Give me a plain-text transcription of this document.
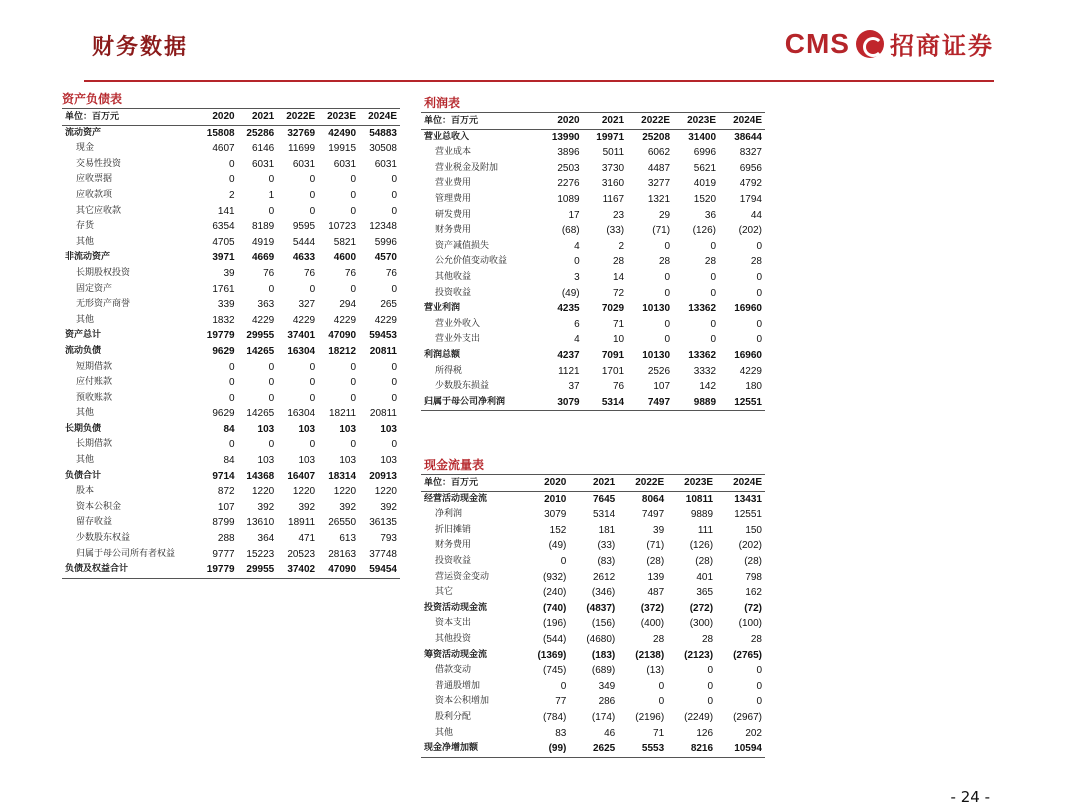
财务数据	CMS 招商证券
资产负债表
单位：百万元	2020	2021	2022E	2023E	2024E
流动资产	15808	25286	32769	42490	54883
现金	4607	6146	11699	19915	30508
交易性投资	0	6031	6031	6031	6031
应收票据	0	0	0	0	0
应收款项	2	1	0	0	0
其它应收款	141	0	0	0	0
存货	6354	8189	9595	10723	12348
其他	4705	4919	5444	5821	5996
非流动资产	3971	4669	4633	4600	4570
长期股权投资	39	76	76	76	76
固定资产	1761	0	0	0	0
无形资产商誉	339	363	327	294	265
其他	1832	4229	4229	4229	4229
资产总计	19779	29955	37401	47090	59453
流动负债	9629	14265	16304	18212	20811
短期借款	0	0	0	0	0
应付账款	0	0	0	0	0
预收账款	0	0	0	0	0
其他	9629	14265	16304	18211	20811
长期负债	84	103	103	103	103
长期借款	0	0	0	0	0
其他	84	103	103	103	103
负债合计	9714	14368	16407	18314	20913
股本	872	1220	1220	1220	1220
资本公积金	107	392	392	392	392
留存收益	8799	13610	18911	26550	36135
少数股东权益	288	364	471	613	793
归属于母公司所有者权益	9777	15223	20523	28163	37748
负债及权益合计	19779	29955	37402	47090	59454
利润表
单位：百万元	2020	2021	2022E	2023E	2024E
营业总收入	13990	19971	25208	31400	38644
营业成本	3896	5011	6062	6996	8327
营业税金及附加	2503	3730	4487	5621	6956
营业费用	2276	3160	3277	4019	4792
管理费用	1089	1167	1321	1520	1794
研发费用	17	23	29	36	44
财务费用	(68)	(33)	(71)	(126)	(202)
资产减值损失	4	2	0	0	0
公允价值变动收益	0	28	28	28	28
其他收益	3	14	0	0	0
投资收益	(49)	72	0	0	0
营业利润	4235	7029	10130	13362	16960
营业外收入	6	71	0	0	0
营业外支出	4	10	0	0	0
利润总额	4237	7091	10130	13362	16960
所得税	1121	1701	2526	3332	4229
少数股东损益	37	76	107	142	180
归属于母公司净利润	3079	5314	7497	9889	12551
现金流量表
单位：百万元	2020	2021	2022E	2023E	2024E
经营活动现金流	2010	7645	8064	10811	13431
净利润	3079	5314	7497	9889	12551
折旧摊销	152	181	39	111	150
财务费用	(49)	(33)	(71)	(126)	(202)
投资收益	0	(83)	(28)	(28)	(28)
营运资金变动	(932)	2612	139	401	798
其它	(240)	(346)	487	365	162
投资活动现金流	(740)	(4837)	(372)	(272)	(72)
资本支出	(196)	(156)	(400)	(300)	(100)
其他投资	(544)	(4680)	28	28	28
筹资活动现金流	(1369)	(183)	(2138)	(2123)	(2765)
借款变动	(745)	(689)	(13)	0	0
普通股增加	0	349	0	0	0
资本公积增加	77	286	0	0	0
股利分配	(784)	(174)	(2196)	(2249)	(2967)
其他	83	46	71	126	202
现金净增加额	(99)	2625	5553	8216	10594
- 24 -
